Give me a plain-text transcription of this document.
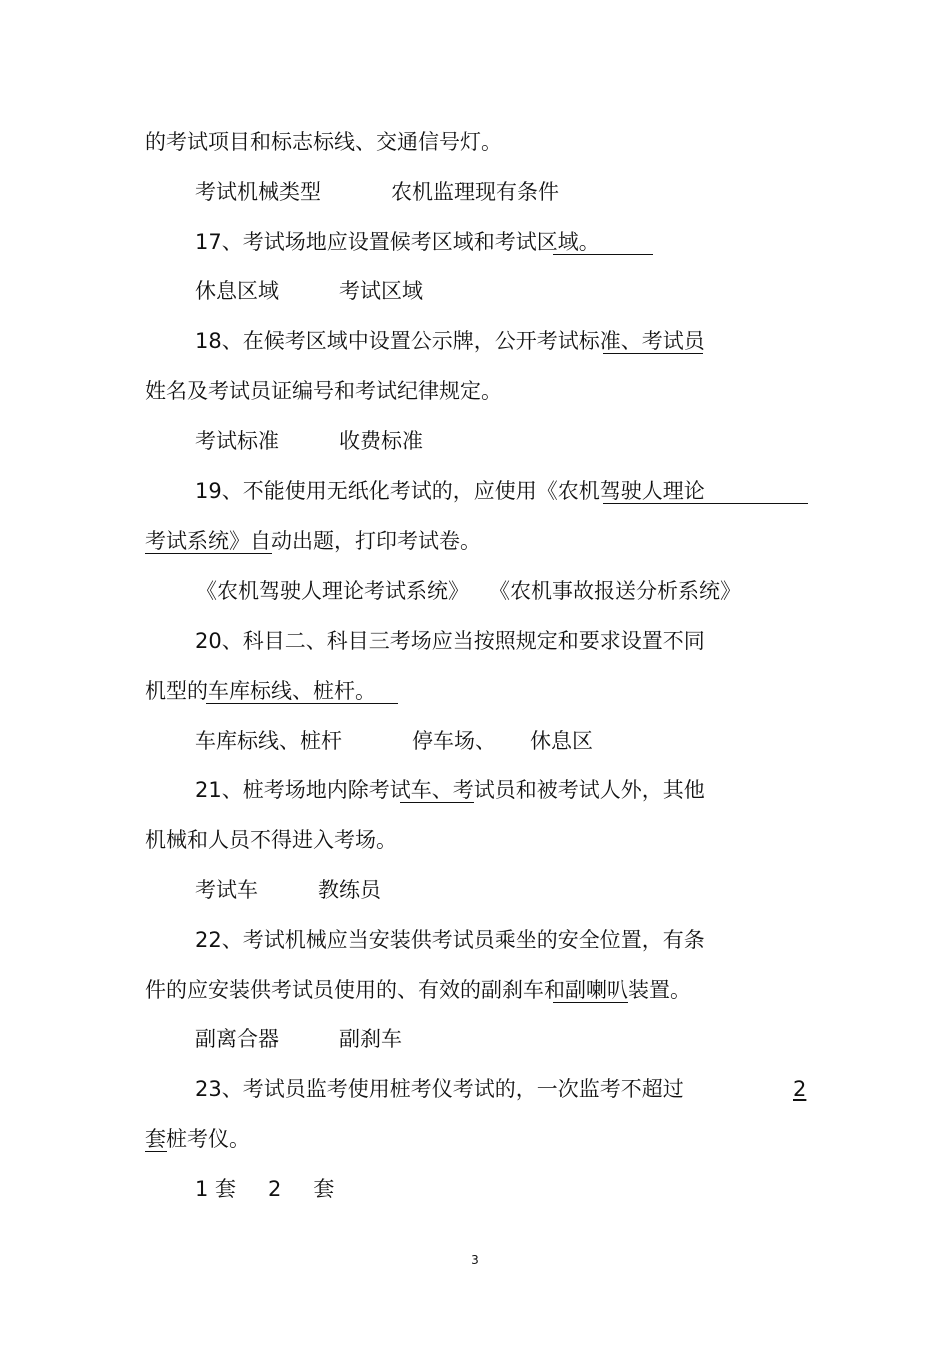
的考试项目和标志标线、交通信号灯。
考试机械类型	农机监理现有条件
17、考试场地应设置候考区域和考试区域。
休息区域	考试区域
18、在候考区域中设置公示牌，公开考试标准、考试员
姓名及考试员证编号和考试纪律规定。
考试标准	收费标准
19、不能使用无纸化考试的，应使用《农机驾驶人理论
考试系统》自动出题，打印考试卷。
《农机驾驶人理论考试系统》 《农机事故报送分析系统》
20、科目二、科目三考场应当按照规定和要求设置不同
机型的车库标线、桩杆。
车库标线、桩杆	停车场、 休息区
21、桩考场地内除考试车、考试员和被考试人外，其他
机械和人员不得进入考场。
考试车	教练员
22、考试机械应当安装供考试员乘坐的安全位置，有条
件的应安装供考试员使用的、有效的副刹车和副喇叭装置。
副离合器	副刹车
23、考试员监考使用桩考仪考试的，一次监考不超过	2
套桩考仪。
1 套 2 套
3
